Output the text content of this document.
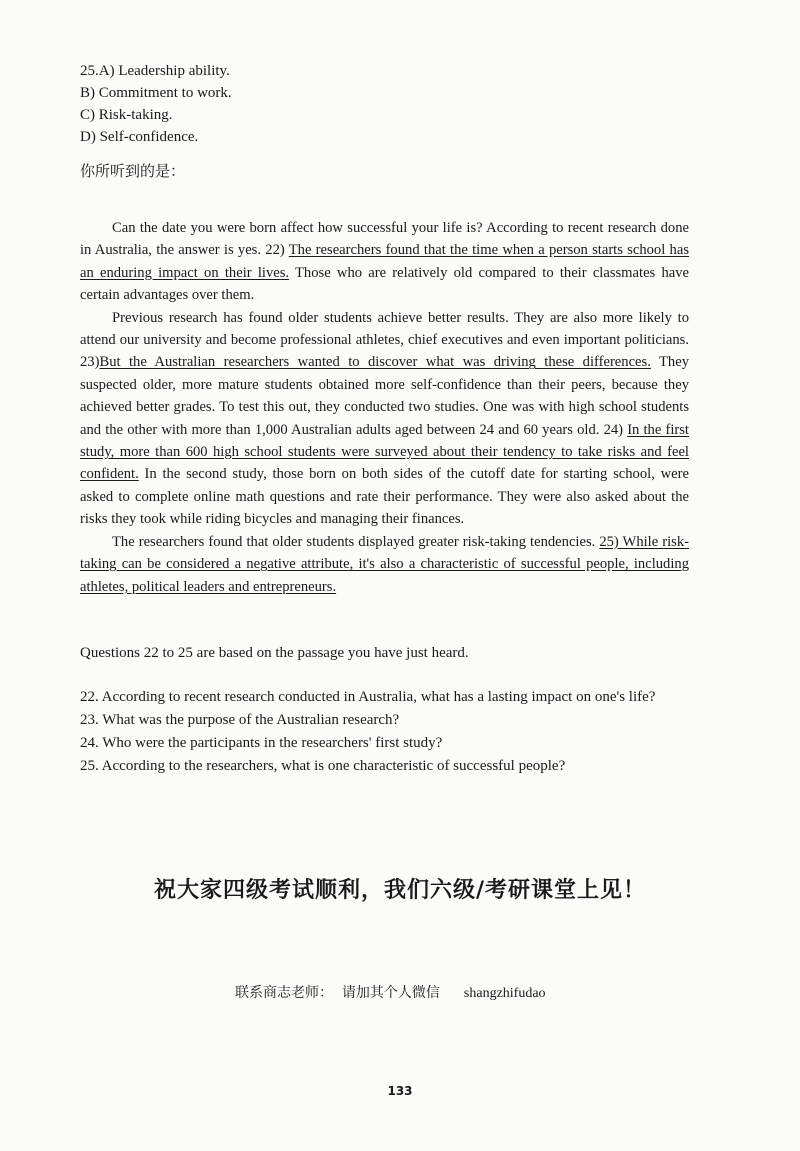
25.A) Leadership ability.
B) Commitment to work.
C) Risk-taking.
D) Self-confidence.
你所听到的是：

Can the date you were born affect how successful your life is? According to recent research done in Australia, the answer is yes. 22) The researchers found that the time when a person starts school has an enduring impact on their lives. Those who are relatively old compared to their classmates have certain advantages over them.

Previous research has found older students achieve better results. They are also more likely to attend our university and become professional athletes, chief executives and even important politicians. 23)But the Australian researchers wanted to discover what was driving these differences. They suspected older, more mature students obtained more self-confidence than their peers, because they achieved better grades. To test this out, they conducted two studies. One was with high school students and the other with more than 1,000 Australian adults aged between 24 and 60 years old. 24) In the first study, more than 600 high school students were surveyed about their tendency to take risks and feel confident. In the second study, those born on both sides of the cutoff date for starting school, were asked to complete online math questions and rate their performance. They were also asked about the risks they took while riding bicycles and managing their finances.

The researchers found that older students displayed greater risk-taking tendencies. 25) While risk-taking can be considered a negative attribute, it's also a characteristic of successful people, including athletes, political leaders and entrepreneurs.

Questions 22 to 25 are based on the passage you have just heard.
22. According to recent research conducted in Australia, what has a lasting impact on one's life?
23. What was the purpose of the Australian research?
24. Who were the participants in the researchers' first study?
25. According to the researchers, what is one characteristic of successful people?
祝大家四级考试顺利，我们六级/考研课堂上见！
联系商志老师：  请加其个人微信 shangzhifudao
133
